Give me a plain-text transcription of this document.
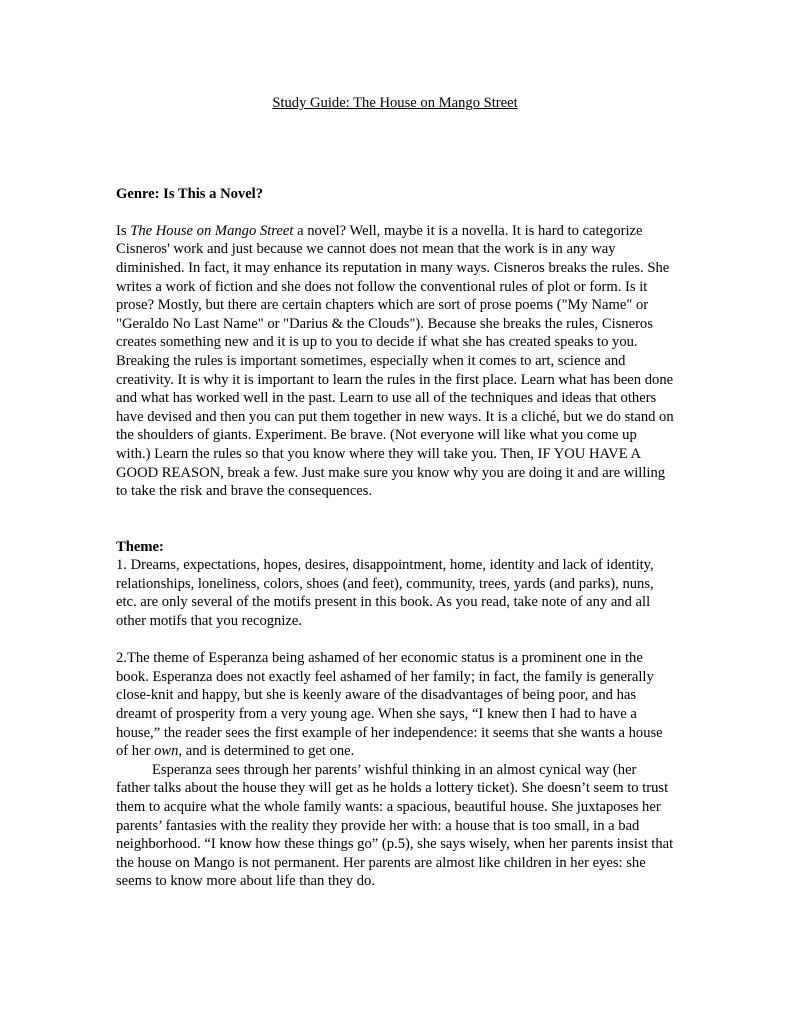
Study Guide: The House on Mango Street
Genre: Is This a Novel?

Is The House on Mango Street a novel? Well, maybe it is a novella. It is hard to categorize Cisneros' work and just because we cannot does not mean that the work is in any way diminished. In fact, it may enhance its reputation in many ways. Cisneros breaks the rules. She writes a work of fiction and she does not follow the conventional rules of plot or form. Is it prose? Mostly, but there are certain chapters which are sort of prose poems ("My Name" or "Geraldo No Last Name" or "Darius & the Clouds"). Because she breaks the rules, Cisneros creates something new and it is up to you to decide if what she has created speaks to you. Breaking the rules is important sometimes, especially when it comes to art, science and creativity. It is why it is important to learn the rules in the first place. Learn what has been done and what has worked well in the past. Learn to use all of the techniques and ideas that others have devised and then you can put them together in new ways. It is a cliché, but we do stand on the shoulders of giants. Experiment. Be brave. (Not everyone will like what you come up with.) Learn the rules so that you know where they will take you. Then, IF YOU HAVE A GOOD REASON, break a few. Just make sure you know why you are doing it and are willing to take the risk and brave the consequences.

Theme:

1. Dreams, expectations, hopes, desires, disappointment, home, identity and lack of identity, relationships, loneliness, colors, shoes (and feet), community, trees, yards (and parks), nuns, etc. are only several of the motifs present in this book. As you read, take note of any and all other motifs that you recognize.

2.The theme of Esperanza being ashamed of her economic status is a prominent one in the book. Esperanza does not exactly feel ashamed of her family; in fact, the family is generally close-knit and happy, but she is keenly aware of the disadvantages of being poor, and has dreamt of prosperity from a very young age. When she says, “I knew then I had to have a house,” the reader sees the first example of her independence: it seems that she wants a house of her own, and is determined to get one.

Esperanza sees through her parents’ wishful thinking in an almost cynical way (her father talks about the house they will get as he holds a lottery ticket). She doesn’t seem to trust them to acquire what the whole family wants: a spacious, beautiful house. She juxtaposes her parents’ fantasies with the reality they provide her with: a house that is too small, in a bad neighborhood. “I know how these things go” (p.5), she says wisely, when her parents insist that the house on Mango is not permanent. Her parents are almost like children in her eyes: she seems to know more about life than they do.
